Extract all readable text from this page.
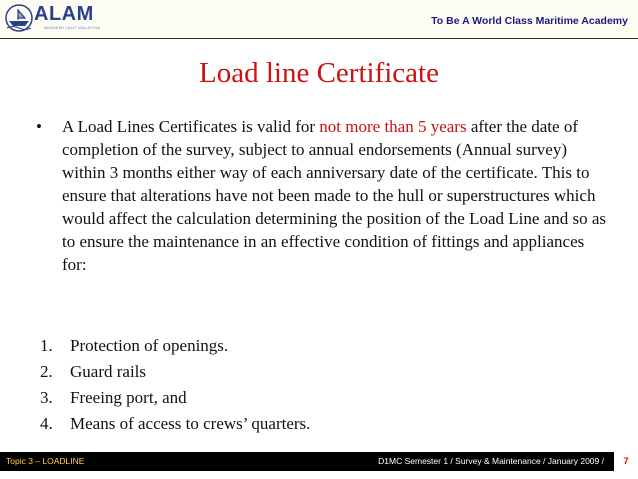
ALAM
AKADEMI LAUT MALAYSIA
To Be A World Class Maritime Academy
Load line Certificate
• A Load Lines Certificates is valid for not more than 5 years after the date of completion of the survey, subject to annual endorsements (Annual survey) within 3 months either way of each anniversary date of the certificate. This to ensure that alterations have not been made to the hull or superstructures which would affect the calculation determining the position of the Load Line and so as to ensure the maintenance in an effective condition of fittings and appliances for:
1. Protection of openings.
2. Guard rails
3. Freeing port, and
4. Means of access to crews’ quarters.
Topic 3 – LOADLINE	D1MC Semester 1 / Survey & Maintenance / January 2009 /	7
